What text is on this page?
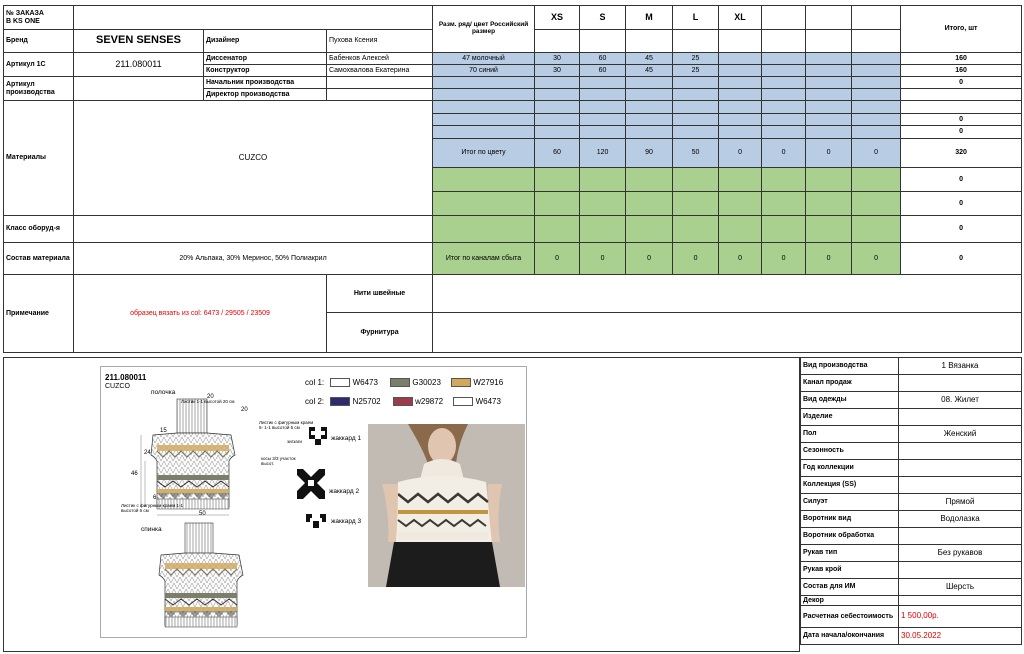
№ ЗАКАЗА
В KS ONE				Разм. ряд/ цвет Российский размер	XS	S	M	L	XL				Итого, шт
Бренд	SEVEN SENSES	Дизайнер	Пухова Ксения										
Артикул 1С	211.080011	Диссенатор	Бабенков Алексей	47 молочный	30	60	45	25					160
		Конструктор	Самохвалова Екатерина	70 синий	30	60	45	25					160
Артикул производства		Начальник производства											0
		Директор производства											
Материалы	CUZCO												
													0
													0
				Итог по цвету	60	120	90	50	0	0	0	0	320
													0
													0
Класс оборуд-я													0
Состав материала	20% Альпака, 30% Меринос, 50% Полиакрил			Итог по каналам сбыта	0	0	0	0	0	0	0	0	0
Примечание	образец вязать из col: 6473 / 29505 / 23509		Нити швейные										
			Фурнитура										
211.080011
CUZCO
полочка
спинка
col 1:	W6473	G30023	W27916
col 2:	N25702	w29872	W6473
20
20
15
24
46
6
50
Листик 1-1 высотой 20 см
Листик с фигурным краем 5- 1-1 высотой 5 см
зигзаги
косы 3/3 участок высот.
Листик с фигурным краем 1-1 высотой 6 см
жаккард 1
жаккард 2
жаккард 3
Вид производства	1 Вязанка
Канал продаж	
Вид одежды	08. Жилет
Изделие	
Пол	Женский
Сезонность	
Год коллекции	
Коллекция (SS)	
Силуэт	Прямой
Воротник вид	Водолазка
Воротник обработка	
Рукав тип	Без рукавов
Рукав крой	
Состав для ИМ	Шерсть
Декор	
Расчетная себестоимость	1 500,00р.
Дата начала/окончания	30.05.2022
